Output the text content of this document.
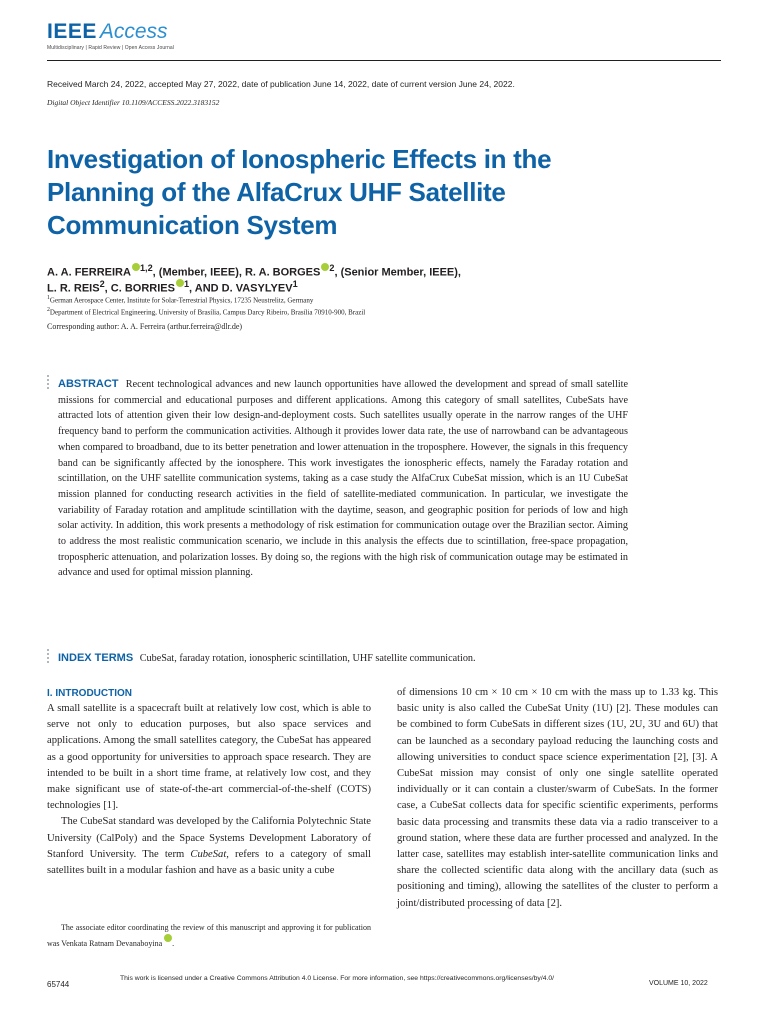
IEEE Access
Multidisciplinary | Rapid Review | Open Access Journal
Received March 24, 2022, accepted May 27, 2022, date of publication June 14, 2022, date of current version June 24, 2022.
Digital Object Identifier 10.1109/ACCESS.2022.3183152
Investigation of Ionospheric Effects in the
Planning of the AlfaCrux UHF Satellite
Communication System
A. A. FERREIRA $^{1,2}$, (Member, IEEE), R. A. BORGES $^2$, (Senior Member, IEEE),
L. R. REIS$^2$, C. BORRIES $^1$, AND D. VASYLYEV$^1$
$^1$German Aerospace Center, Institute for Solar-Terrestrial Physics, 17235 Neustrelitz, Germany
$^2$Department of Electrical Engineering, University of Brasília, Campus Darcy Ribeiro, Brasília 70910-900, Brazil
Corresponding author: A. A. Ferreira (arthur.ferreira@dlr.de)
ABSTRACT Recent technological advances and new launch opportunities have allowed the development and spread of small satellite missions for commercial and educational purposes and different applications. Among this category of small satellites, CubeSats have attracted lots of attention given their low design-and-deployment costs. Such satellites usually operate in the narrow ranges of the UHF frequency band to perform the communication activities. Although it provides lower data rate, the use of narrowband can be advantageous when compared to broadband, due to its better penetration and lower attenuation in the troposphere. However, the signals in this frequency band can be significantly affected by the ionosphere. This work investigates the ionospheric effects, namely the Faraday rotation and scintillation, on the UHF satellite communication systems, taking as a case study the AlfaCrux CubeSat mission, which is an 1U CubeSat mission planned for conducting research activities in the field of satellite-mediated communication. In particular, we investigate the variability of Faraday rotation and amplitude scintillation with the daytime, season, and geographic position for periods of low and high solar activity. In addition, this work presents a methodology of risk estimation for communication outage over the Brazilian sector. Aiming to address the most realistic communication scenario, we include in this analysis the effects due to scintillation, free-space propagation, tropospheric attenuation, and polarization losses. By doing so, the regions with the high risk of communication outage may be estimated in advance and used for optimal mission planning.
INDEX TERMS CubeSat, faraday rotation, ionospheric scintillation, UHF satellite communication.
I. INTRODUCTION

A small satellite is a spacecraft built at relatively low cost, which is able to serve not only to education purposes, but also space services and applications. Among the small satellites category, the CubeSat has appeared as a good opportunity for universities to approach space research. They are intended to be built in a short time frame, at relatively low cost, and they make significant use of state-of-the-art commercial-of-the-shelf (COTS) technologies [1].

The CubeSat standard was developed by the California Polytechnic State University (CalPoly) and the Space Systems Development Laboratory of Stanford University. The term CubeSat, refers to a category of small satellites built in a modular fashion and have as a basic unity a cube

of dimensions 10 cm × 10 cm × 10 cm with the mass up to 1.33 kg. This basic unity is also called the CubeSat Unity (1U) [2]. These modules can be combined to form CubeSats in different sizes (1U, 2U, 3U and 6U) that can be launched as a secondary payload reducing the launching costs and allowing universities to conduct space science experimentation [2], [3]. A CubeSat mission may consist of only one single satellite operated individually or it can contain a cluster/swarm of CubeSats. In the former case, a CubeSat collects data for specific scientific experiments, performs basic data processing and transmits these data via a radio transceiver to a ground station, where these data are further processed and analyzed. In the latter case, satellites may establish inter-satellite communication links and share the collected scientific data along with the ancillary data (such as positioning and timing), allowing the satellites of the cluster to perform a joint/distributed processing of data [2].

The associate editor coordinating the review of this manuscript and approving it for publication was Venkata Ratnam Devanaboyina .

65744
This work is licensed under a Creative Commons Attribution 4.0 License. For more information, see https://creativecommons.org/licenses/by/4.0/
VOLUME 10, 2022
